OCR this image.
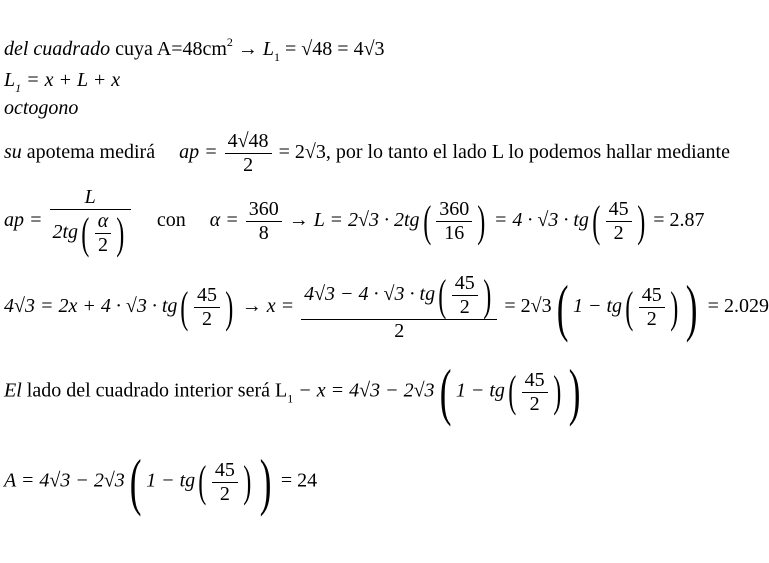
del cuadrado cuya $A=48cm^2 \to L_1 = √48 = 4√3$
$L_1 = x + L + x$
octogono
su apotema medirá ap = $\frac{4√48}{2} = 2√3$, por lo tanto el lado L lo podemos hallar mediante
ap = $\frac{L}{2tg( \frac{\alpha}{2} )}$ con $\alpha = \frac{360}{8} \to L = 2√3 \cdot 2tg( \frac{360}{16}$ ) = $4 \cdot √3 \cdot tg( \frac{45}{2}$ ) = 2.87
$4√3 = 2x + 4 \cdot √3 \cdot tg( \frac{45}{2}$ ) → $x = \frac{4√3 - 4 \cdot √3 \cdot tg( \frac{45}{2} )}{2} = 2√3$( $1 - tg( \frac{45}{2}$ ) ) = 2.029
El lado del cuadrado interior será $L_1 - x = 4√3 - 2√3$( $1 - tg( \frac{45}{2}$ ) )
A = 4√3 − 2√3( $1 - tg( \frac{45}{2}$ ) ) = 24
